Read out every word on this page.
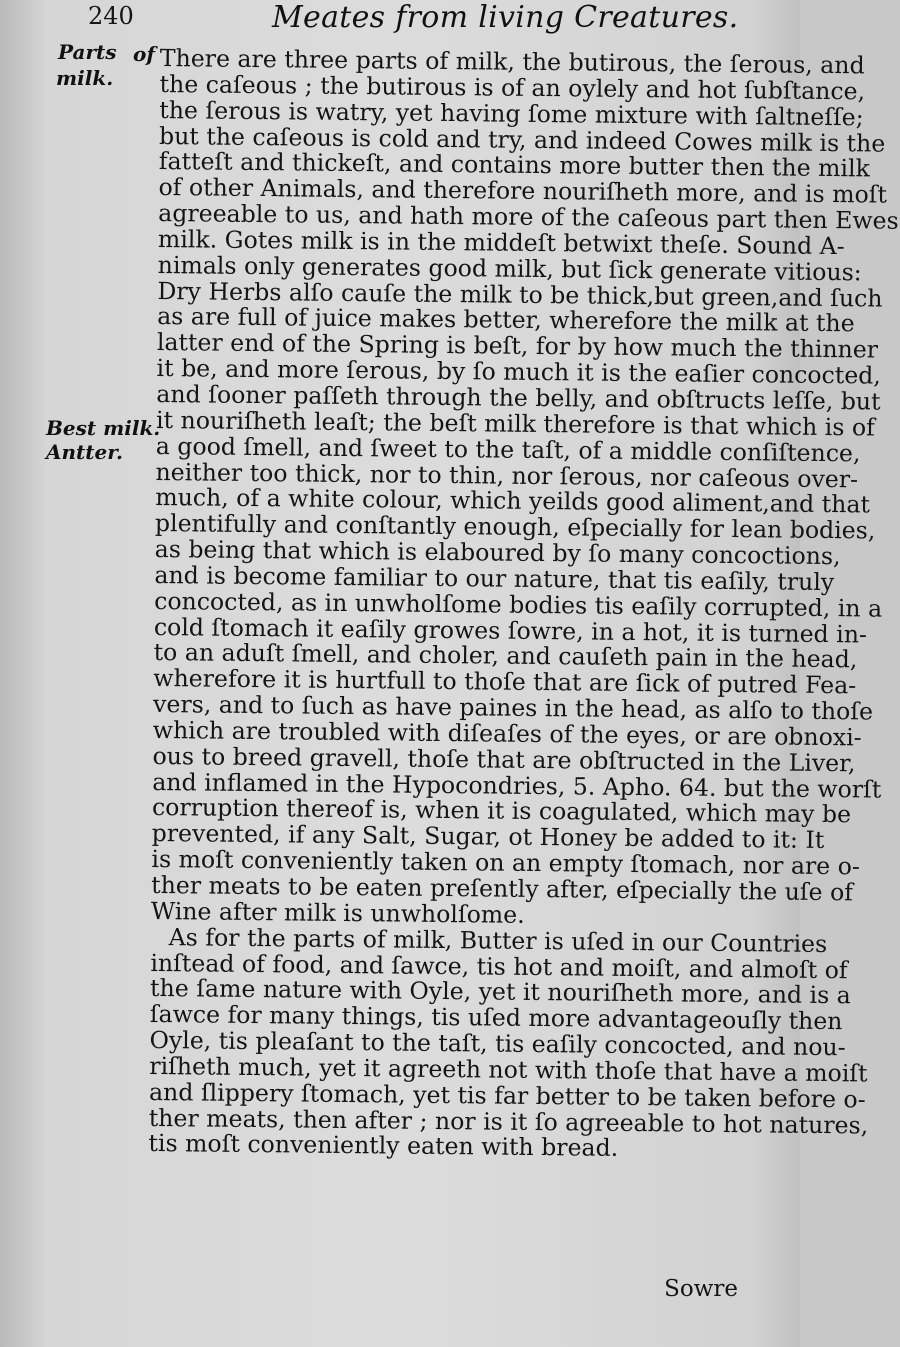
240	Meates from living Creatures.
Parts of
Best milk.
Antter.
There are three parts of milk, the butirous, the ſerous, and
the caſeous ; the butirous is of an oylely and hot ſubſtance,
the ſerous is watry, yet having ſome mixture with ſaltneſſe;
but the caſeous is cold and try, and indeed Cowes milk is the
fatteſt and thickeſt, and contains more butter then the milk
of other Animals, and therefore nouriſheth more, and is moſt
agreeable to us, and hath more of the caſeous part then Ewes
milk. Gotes milk is in the middeſt betwixt theſe. Sound A-
nimals only generates good milk, but ſick generate vitious:
Dry Herbs alſo cauſe the milk to be thick,but green,and ſuch
as are full of juice makes better, wherefore the milk at the
latter end of the Spring is beſt, for by how much the thinner
it be, and more ſerous, by ſo much it is the eaſier concocted,
and ſooner paſſeth through the belly, and obſtructs leſſe, but
it nouriſheth leaſt; the beſt milk therefore is that which is of
a good ſmell, and ſweet to the taſt, of a middle conſiſtence,
neither too thick, nor to thin, nor ſerous, nor caſeous over-
much, of a white colour, which yeilds good aliment,and that
plentifully and conſtantly enough, eſpecially for lean bodies,
as being that which is elaboured by ſo many concoctions,
and is become familiar to our nature, that tis eaſily, truly
concocted, as in unwholſome bodies tis eaſily corrupted, in a
cold ſtomach it eaſily growes ſowre, in a hot, it is turned in-
to an aduſt ſmell, and choler, and cauſeth pain in the head,
wherefore it is hurtfull to thoſe that are ſick of putred Fea-
vers, and to ſuch as have paines in the head, as alſo to thoſe
which are troubled with diſeaſes of the eyes, or are obnoxi-
ous to breed gravell, thoſe that are obſtructed in the Liver,
and inflamed in the Hypocondries, 5. Apho. 64. but the worſt
corruption thereof is, when it is coagulated, which may be
prevented, if any Salt, Sugar, ot Honey be added to it: It
is moſt conveniently taken on an empty ſtomach, nor are o-
ther meats to be eaten preſently after, eſpecially the uſe of
Wine after milk is unwholſome.
As for the parts of milk, Butter is uſed in our Countries
inſtead of food, and ſawce, tis hot and moiſt, and almoſt of
the ſame nature with Oyle, yet it nouriſheth more, and is a
ſawce for many things, tis uſed more advantageouſly then
Oyle, tis pleaſant to the taſt, tis eaſily concocted, and nou-
riſheth much, yet it agreeth not with thoſe that have a moiſt
and ſlippery ſtomach, yet tis far better to be taken before o-
ther meats, then after ; nor is it ſo agreeable to hot natures,
tis moſt conveniently eaten with bread.
Sowre
milk.
